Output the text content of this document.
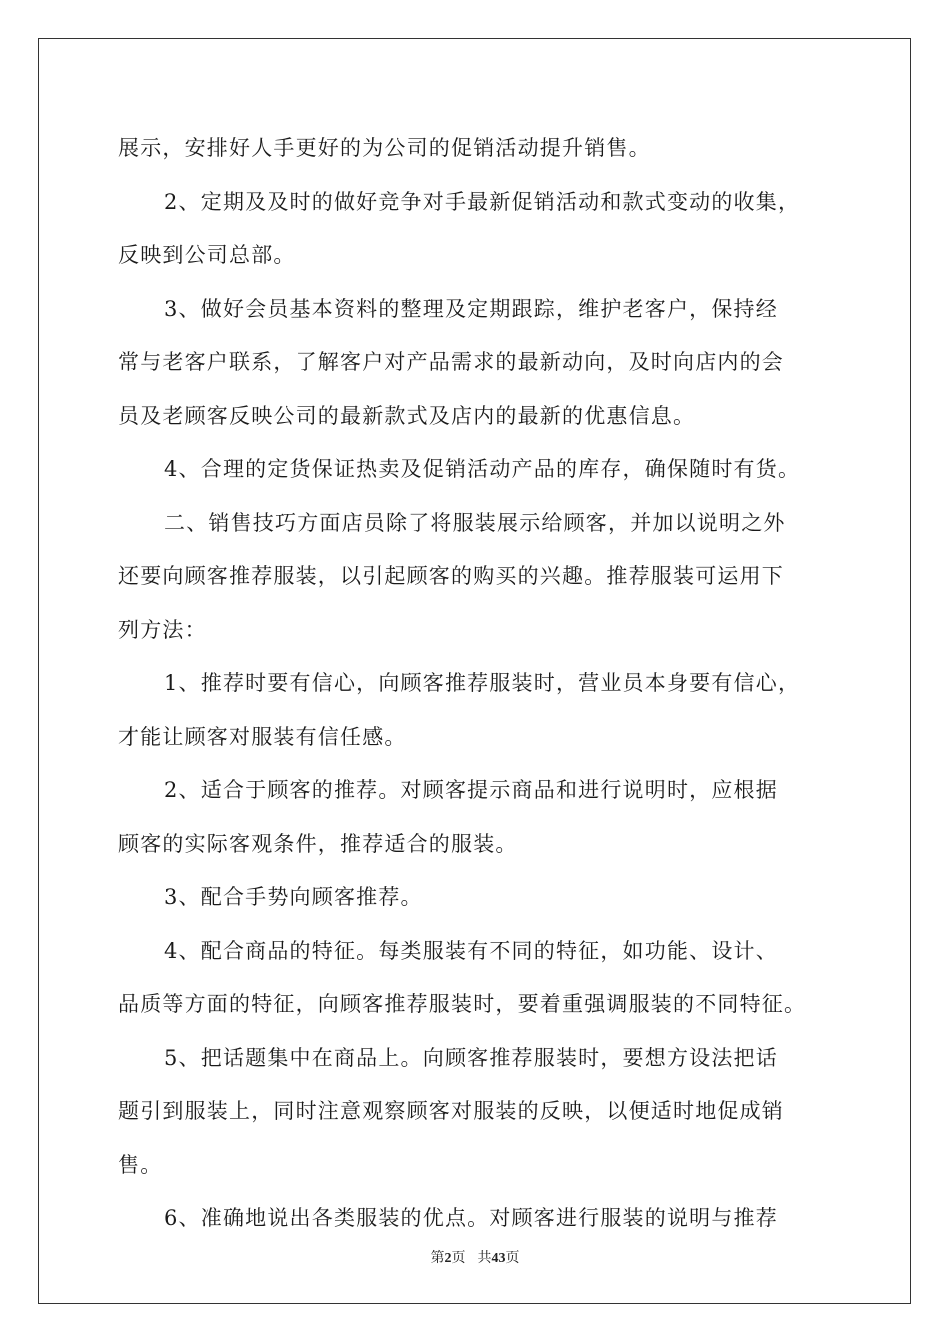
展示，安排好人手更好的为公司的促销活动提升销售。
2、定期及及时的做好竞争对手最新促销活动和款式变动的收集，
反映到公司总部。
3、做好会员基本资料的整理及定期跟踪，维护老客户，保持经
常与老客户联系，了解客户对产品需求的最新动向，及时向店内的会
员及老顾客反映公司的最新款式及店内的最新的优惠信息。
4、合理的定货保证热卖及促销活动产品的库存，确保随时有货。
二、销售技巧方面店员除了将服装展示给顾客，并加以说明之外
还要向顾客推荐服装，以引起顾客的购买的兴趣。推荐服装可运用下
列方法：
1、推荐时要有信心，向顾客推荐服装时，营业员本身要有信心，
才能让顾客对服装有信任感。
2、适合于顾客的推荐。对顾客提示商品和进行说明时，应根据
顾客的实际客观条件，推荐适合的服装。
3、配合手势向顾客推荐。
4、配合商品的特征。每类服装有不同的特征，如功能、设计、
品质等方面的特征，向顾客推荐服装时，要着重强调服装的不同特征。
5、把话题集中在商品上。向顾客推荐服装时，要想方设法把话
题引到服装上，同时注意观察顾客对服装的反映，以便适时地促成销
售。
6、准确地说出各类服装的优点。对顾客进行服装的说明与推荐
第2页 共43页
